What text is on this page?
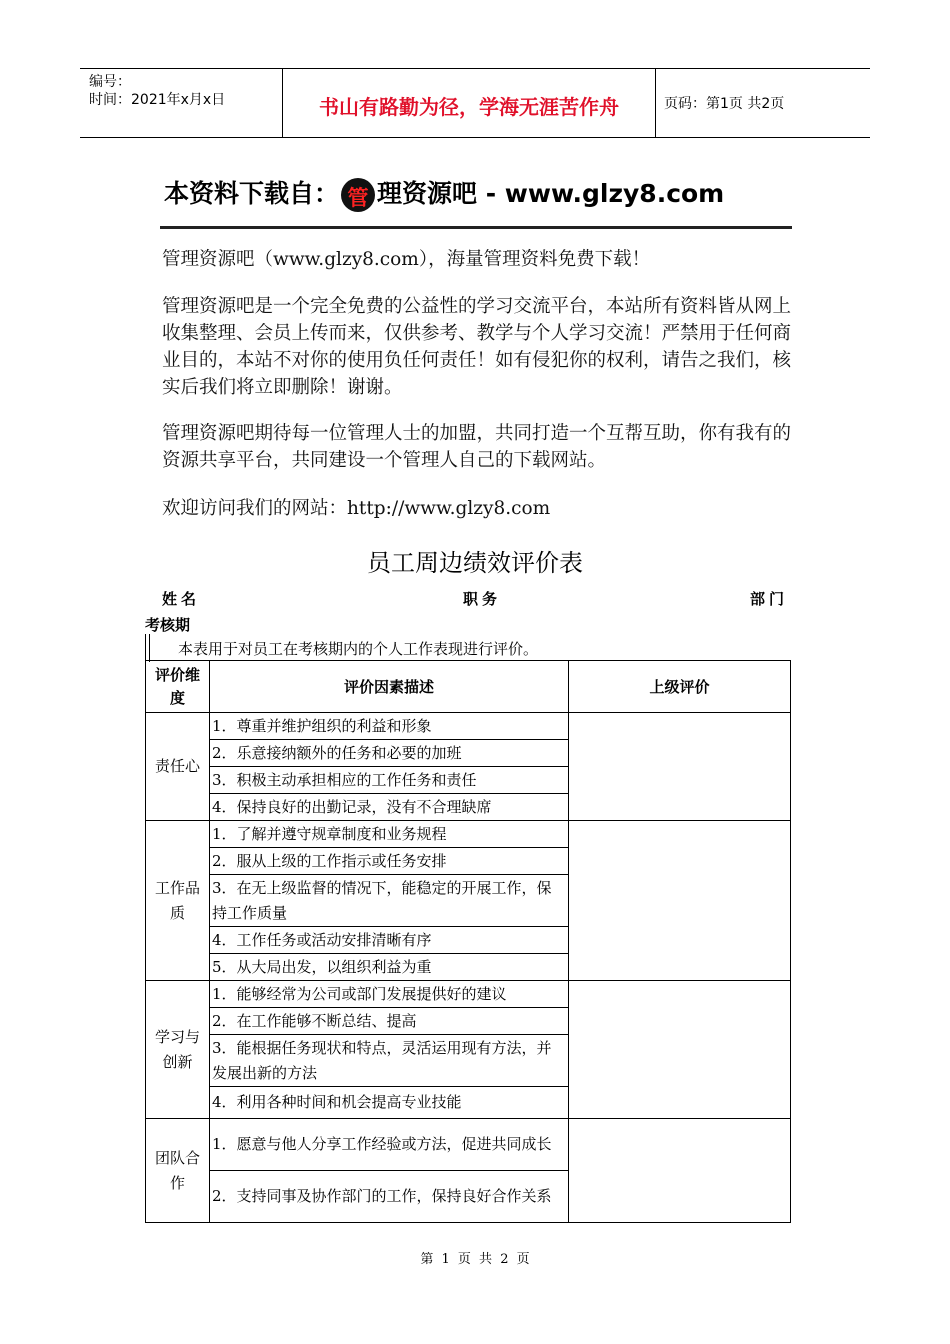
编号：
时间：2021年x月x日	书山有路勤为径，学海无涯苦作舟	页码：第1页 共2页
本资料下载自： 管 理资源吧 - www.glzy8.com
管理资源吧（www.glzy8.com），海量管理资料免费下载！
管理资源吧是一个完全免费的公益性的学习交流平台，本站所有资料皆从网上收集整理、会员上传而来，仅供参考、教学与个人学习交流！严禁用于任何商业目的，本站不对你的使用负任何责任！如有侵犯你的权利，请告之我们，核实后我们将立即删除！谢谢。
管理资源吧期待每一位管理人士的加盟，共同打造一个互帮互助，你有我有的资源共享平台，共同建设一个管理人自己的下载网站。
欢迎访问我们的网站：http://www.glzy8.com
员工周边绩效评价表
姓名	职务	部门
考核期
本表用于对员工在考核期内的个人工作表现进行评价。
评价维度	评价因素描述	上级评价
责任心	1．尊重并维护组织的利益和形象	
	2．乐意接纳额外的任务和必要的加班	
	3．积极主动承担相应的工作任务和责任	
	4．保持良好的出勤记录，没有不合理缺席	
工作品质	1．了解并遵守规章制度和业务规程	
	2．服从上级的工作指示或任务安排	
	3．在无上级监督的情况下，能稳定的开展工作，保持工作质量	
	4．工作任务或活动安排清晰有序	
	5．从大局出发，以组织利益为重	
学习与创新	1．能够经常为公司或部门发展提供好的建议	
	2．在工作能够不断总结、提高	
	3．能根据任务现状和特点，灵活运用现有方法，并发展出新的方法	
	4．利用各种时间和机会提高专业技能	
团队合作	1．愿意与他人分享工作经验或方法，促进共同成长	
	2．支持同事及协作部门的工作，保持良好合作关系	
第 1 页 共 2 页
